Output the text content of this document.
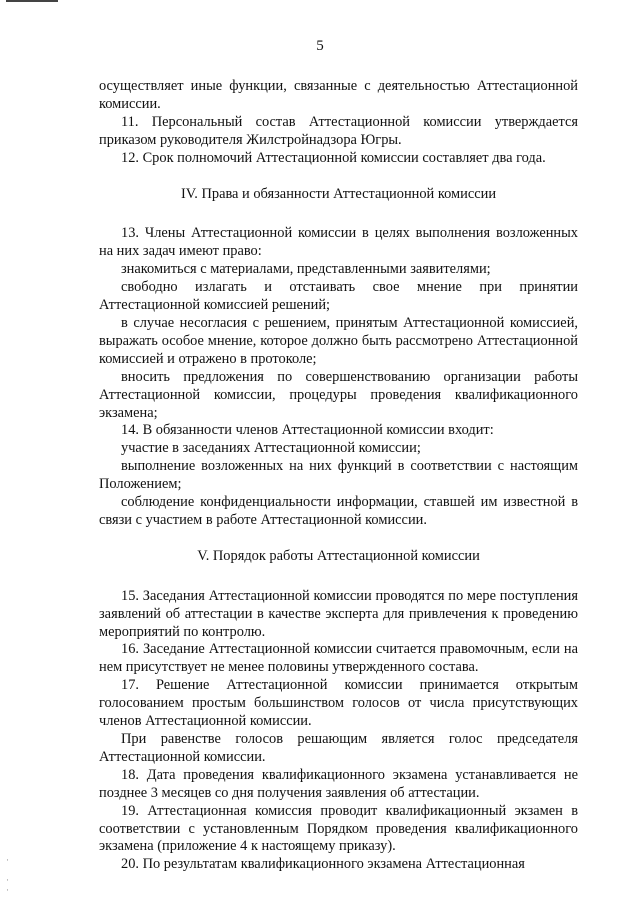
5

осуществляет иные функции, связанные с деятельностью Аттестационной комиссии.

11. Персональный состав Аттестационной комиссии утверждается приказом руководителя Жилстройнадзора Югры.

12. Срок полномочий Аттестационной комиссии составляет два года.

IV. Права и обязанности Аттестационной комиссии

13. Члены Аттестационной комиссии в целях выполнения возложенных на них задач имеют право:

знакомиться с материалами, представленными заявителями;

свободно излагать и отстаивать свое мнение при принятии Аттестационной комиссией решений;

в случае несогласия с решением, принятым Аттестационной комиссией, выражать особое мнение, которое должно быть рассмотрено Аттестационной комиссией и отражено в протоколе;

вносить предложения по совершенствованию организации работы Аттестационной комиссии, процедуры проведения квалификационного экзамена;

14. В обязанности членов Аттестационной комиссии входит:

участие в заседаниях Аттестационной комиссии;

выполнение возложенных на них функций в соответствии с настоящим Положением;

соблюдение конфиденциальности информации, ставшей им известной в связи с участием в работе Аттестационной комиссии.

V. Порядок работы Аттестационной комиссии

15. Заседания Аттестационной комиссии проводятся по мере поступления заявлений об аттестации в качестве эксперта для привлечения к проведению мероприятий по контролю.

16. Заседание Аттестационной комиссии считается правомочным, если на нем присутствует не менее половины утвержденного состава.

17. Решение Аттестационной комиссии принимается открытым голосованием простым большинством голосов от числа присутствующих членов Аттестационной комиссии.

При равенстве голосов решающим является голос председателя Аттестационной комиссии.

18. Дата проведения квалификационного экзамена устанавливается не позднее 3 месяцев со дня получения заявления об аттестации.

19. Аттестационная комиссия проводит квалификационный экзамен в соответствии с установленным Порядком проведения квалификационного экзамена (приложение 4 к настоящему приказу).

20. По результатам квалификационного экзамена Аттестационная

·

·
·
